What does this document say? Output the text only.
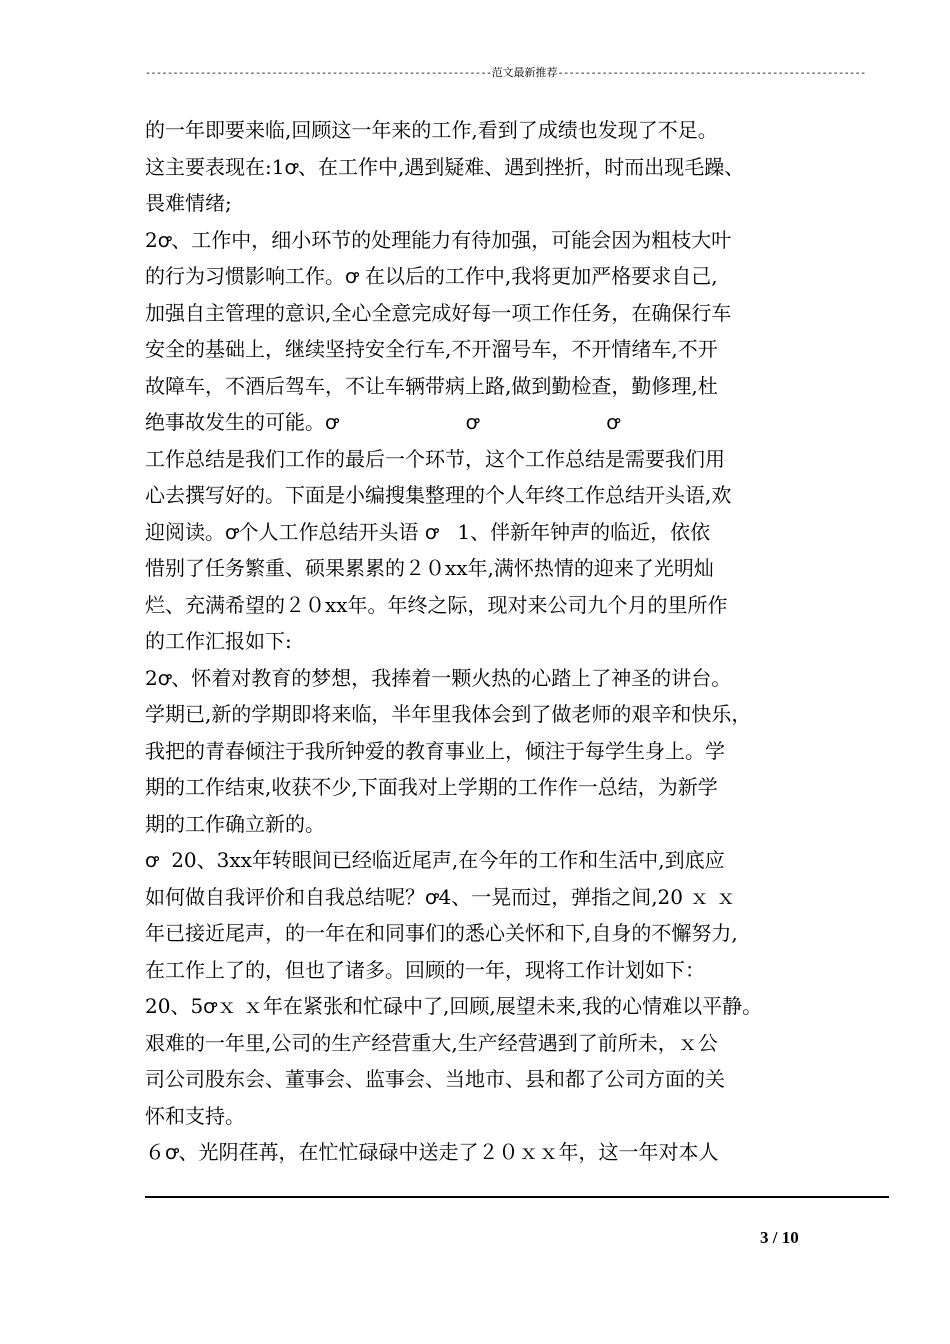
---------------------------------------------------------------范文最新推荐--------------------------------------------------------
的一年即要来临,回顾这一年来的工作,看到了成绩也发现了不足。
这主要表现在:1ꝍ、在工作中,遇到疑难、遇到挫折，时而出现毛躁、
畏难情绪;
2ꝍ、工作中，细小环节的处理能力有待加强，可能会因为粗枝大叶
的行为习惯影响工作。ꝍ 在以后的工作中,我将更加严格要求自己,
加强自主管理的意识,全心全意完成好每一项工作任务，在确保行车
安全的基础上，继续坚持安全行车,不开溜号车，不开情绪车,不开
故障车，不酒后驾车，不让车辆带病上路,做到勤检查，勤修理,杜
绝事故发生的可能。ꝍ                    ꝍ                    ꝍ
工作总结是我们工作的最后一个环节，这个工作总结是需要我们用
心去撰写好的。下面是小编搜集整理的个人年终工作总结开头语,欢
迎阅读。ꝍ个人工作总结开头语 ꝍ   1、伴新年钟声的临近，依依
惜别了任务繁重、硕果累累的２０xx年,满怀热情的迎来了光明灿
烂、充满希望的２０xx年。年终之际，现对来公司九个月的里所作
的工作汇报如下:
2ꝍ、怀着对教育的梦想，我捧着一颗火热的心踏上了神圣的讲台。
学期已,新的学期即将来临，半年里我体会到了做老师的艰辛和快乐，
我把的青春倾注于我所钟爱的教育事业上，倾注于每学生身上。学
期的工作结束,收获不少,下面我对上学期的工作作一总结，为新学
期的工作确立新的。
ꝍ  20、3xx年转眼间已经临近尾声,在今年的工作和生活中,到底应
如何做自我评价和自我总结呢？ꝍ4、一晃而过，弹指之间,20 ｘ ｘ
年已接近尾声，的一年在和同事们的悉心关怀和下,自身的不懈努力,
在工作上了的，但也了诸多。回顾的一年，现将工作计划如下：
20、5ꝍｘ ｘ年在紧张和忙碌中了,回顾,展望未来,我的心情难以平静。
艰难的一年里,公司的生产经营重大,生产经营遇到了前所未，ｘ公
司公司股东会、董事会、监事会、当地市、县和都了公司方面的关
怀和支持。
６ꝍ、光阴荏苒，在忙忙碌碌中送走了２０ｘｘ年，这一年对本人
3 / 10
